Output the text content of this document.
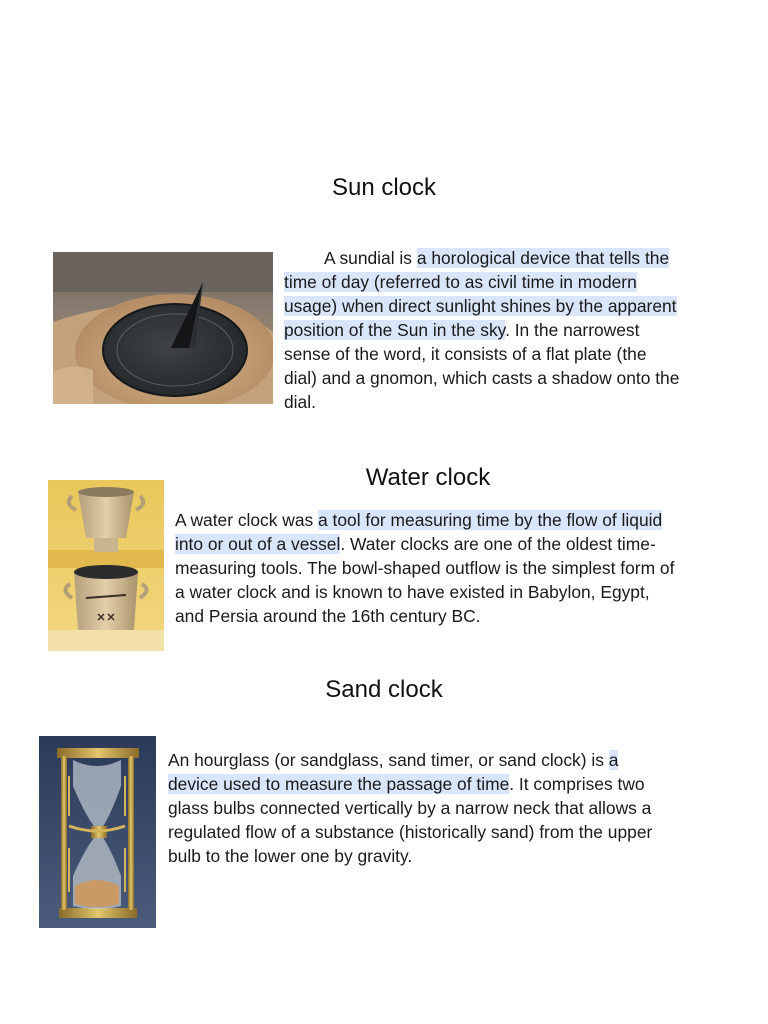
Sun clock

A sundial is a horological device that tells the time of day (referred to as civil time in modern usage) when direct sunlight shines by the apparent position of the Sun in the sky. In the narrowest sense of the word, it consists of a flat plate (the dial) and a gnomon, which casts a shadow onto the dial.

Water clock

A water clock was a tool for measuring time by the flow of liquid into or out of a vessel. Water clocks are one of the oldest time-measuring tools. The bowl-shaped outflow is the simplest form of a water clock and is known to have existed in Babylon, Egypt, and Persia around the 16th century BC.

Sand clock

An hourglass (or sandglass, sand timer, or sand clock) is a device used to measure the passage of time. It comprises two glass bulbs connected vertically by a narrow neck that allows a regulated flow of a substance (historically sand) from the upper bulb to the lower one by gravity.
